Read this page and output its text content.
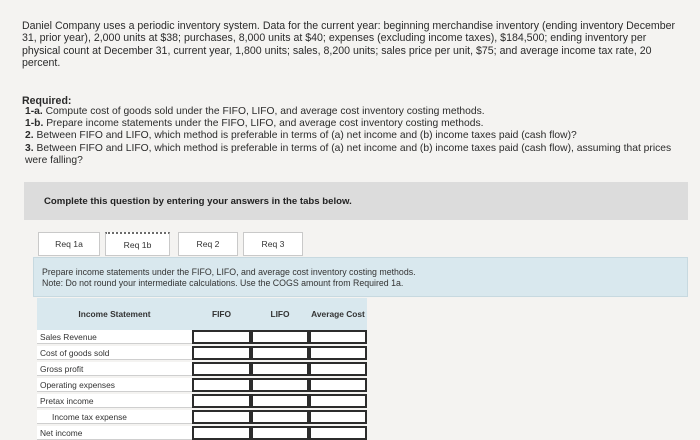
Daniel Company uses a periodic inventory system. Data for the current year: beginning merchandise inventory (ending inventory December 31, prior year), 2,000 units at $38; purchases, 8,000 units at $40; expenses (excluding income taxes), $184,500; ending inventory per physical count at December 31, current year, 1,800 units; sales, 8,200 units; sales price per unit, $75; and average income tax rate, 20 percent.
Required:
1-a. Compute cost of goods sold under the FIFO, LIFO, and average cost inventory costing methods.
1-b. Prepare income statements under the FIFO, LIFO, and average cost inventory costing methods.
2. Between FIFO and LIFO, which method is preferable in terms of (a) net income and (b) income taxes paid (cash flow)?
3. Between FIFO and LIFO, which method is preferable in terms of (a) net income and (b) income taxes paid (cash flow), assuming that prices were falling?
Complete this question by entering your answers in the tabs below.
Req 1a	Req 1b	Req 2	Req 3
Prepare income statements under the FIFO, LIFO, and average cost inventory costing methods.
Note: Do not round your intermediate calculations. Use the COGS amount from Required 1a.
Income Statement	FIFO	LIFO	Average Cost
Sales Revenue
Cost of goods sold
Gross profit
Operating expenses
Pretax income
Income tax expense
Net income
